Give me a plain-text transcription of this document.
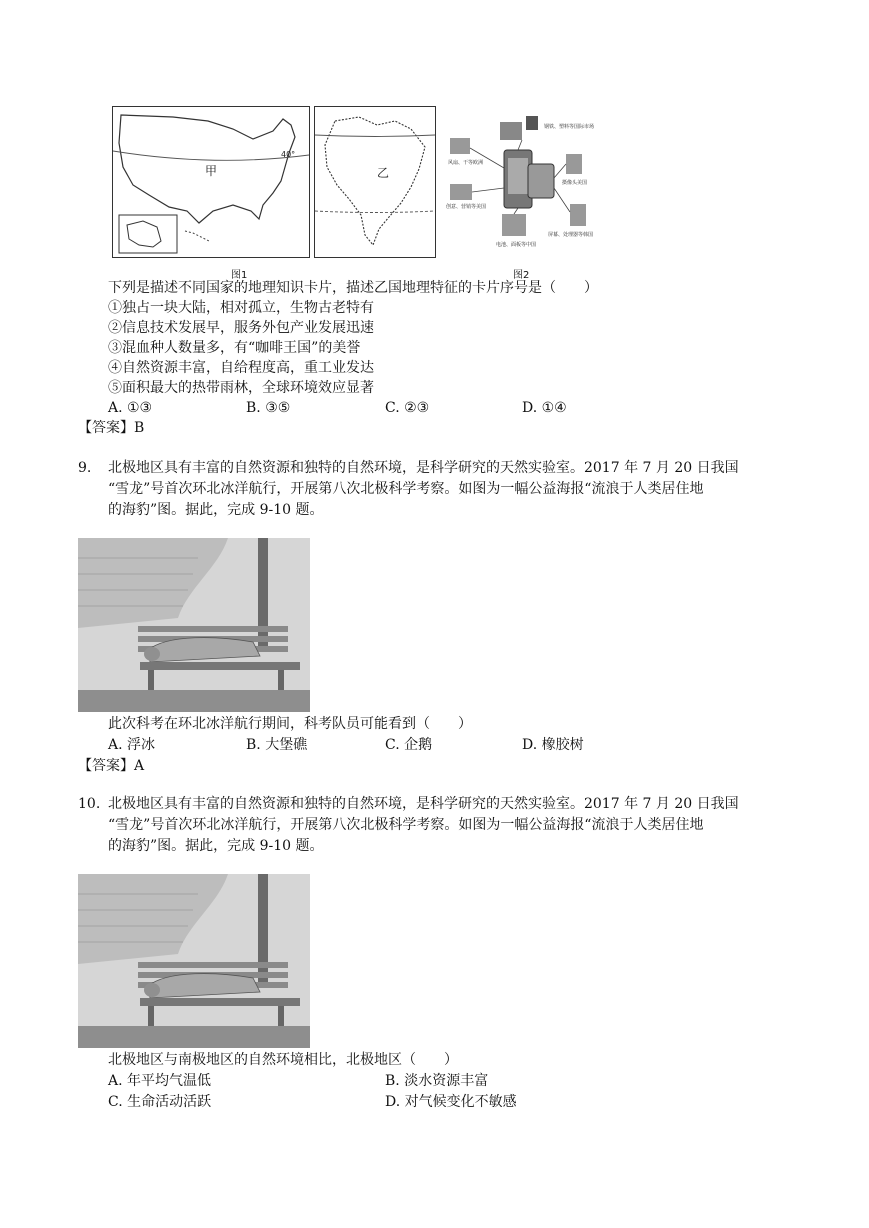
40°
甲	乙
图1
钢铁、塑料等国际市场
风扇、干等欧洲
摄像头美国
创意、营销等美国
电池、面板等中国
屏幕、处理器等韩国
图2
下列是描述不同国家的地理知识卡片，描述乙国地理特征的卡片序号是（　　）
①独占一块大陆，相对孤立，生物古老特有
②信息技术发展早，服务外包产业发展迅速
③混血种人数量多，有“咖啡王国”的美誉
④自然资源丰富，自给程度高，重工业发达
⑤面积最大的热带雨林，全球环境效应显著
A. ①③	B. ③⑤	C. ②③	D. ①④
【答案】B
9. 北极地区具有丰富的自然资源和独特的自然环境，是科学研究的天然实验室。2017 年 7 月 20 日我国
“雪龙”号首次环北冰洋航行，开展第八次北极科学考察。如图为一幅公益海报“流浪于人类居住地
的海豹”图。据此，完成 9-10 题。
此次科考在环北冰洋航行期间，科考队员可能看到（　　）
A. 浮冰	B. 大堡礁	C. 企鹅	D. 橡胶树
【答案】A
10. 北极地区具有丰富的自然资源和独特的自然环境，是科学研究的天然实验室。2017 年 7 月 20 日我国
“雪龙”号首次环北冰洋航行，开展第八次北极科学考察。如图为一幅公益海报“流浪于人类居住地
的海豹”图。据此，完成 9-10 题。
北极地区与南极地区的自然环境相比，北极地区（　　）
A. 年平均气温低	B. 淡水资源丰富
C. 生命活动活跃	D. 对气候变化不敏感
